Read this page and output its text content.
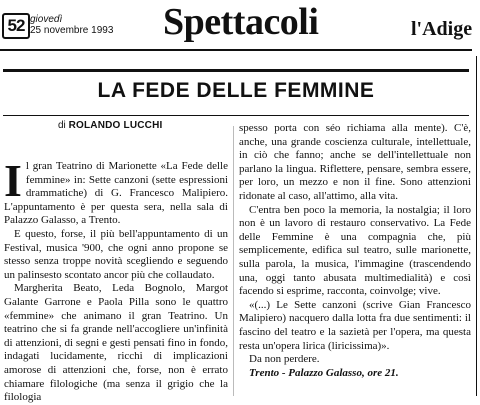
52 giovedì
25 novembre 1993 Spettacoli	l'Adige
LA FEDE DELLE FEMMINE
di ROLANDO LUCCHI

Il gran Teatrino di Marionette «La Fede delle femmine» in: Sette canzoni (sette espressioni drammatiche) di G. Francesco Malipiero. L'appuntamento è per questa sera, nella sala di Palazzo Galasso, a Trento.

E questo, forse, il più bell'appuntamento di un Festival, musica '900, che ogni anno propone se stesso senza troppe novità scegliendo e seguendo un palinsesto scontato ancor più che collaudato.

Margherita Beato, Leda Bognolo, Margot Galante Garrone e Paola Pilla sono le quattro «femmine» che animano il gran Teatrino. Un teatrino che si fa grande nell'accogliere un'infinità di attenzioni, di segni e gesti pensati fino in fondo, indagati lucidamente, ricchi di implicazioni amorose di attenzioni che, forse, non è errato chiamare filologiche (ma senza il grigio che la filologia

spesso porta con séo richiama alla mente). C'è, anche, una grande coscienza culturale, intellettuale, in ciò che fanno; anche se dell'intellettuale non parlano la lingua. Riflettere, pensare, sembra essere, per loro, un mezzo e non il fine. Sono attenzioni ridonate al caso, all'attimo, alla vita.

C'entra ben poco la memoria, la nostalgia; il loro non è un lavoro di restauro conservativo. La Fede delle Femmine è una compagnia che, più semplicemente, edifica sul teatro, sulle marionette, sulla parola, la musica, l'immagine (trascendendo una, oggi tanto abusata multimedialità) e così facendo si esprime, racconta, coinvolge; vive.

«(...) Le Sette canzoni (scrive Gian Francesco Malipiero) nacquero dalla lotta fra due sentimenti: il fascino del teatro e la sazietà per l'opera, ma questa resta un'opera lirica (liricissima)».

Da non perdere.

Trento - Palazzo Galasso, ore 21.
